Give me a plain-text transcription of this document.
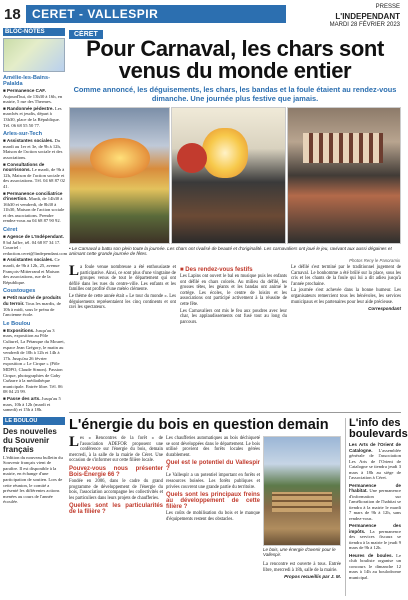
18 CERET - VALLESPIR	PRESSE
L'INDEPENDANT
MARDI 28 FÉVRIER 2023
BLOC-NOTES
Amélie-les-Bains-Palalda

■ Permanence CAF. Aujourd'hui, de 13h30 à 16h, en mairie, 5 rue des Thermes.

■ Randonnée pédestre. Les marchés et jeudis, départ à 13h30, place de la République. Tél. 06 68 55 50 77.

Arles-sur-Tech

■ Assistantes sociales. Du mardi au 1er et 3e, de 9h à 12h, Maison de l'action sociale et des associations.

■ Consultations de nourrissons. Le mardi, de 9h à 12h, Maison de l'action sociale et des associations. Tél. 04 68 87 02 41.

■ Permanence conciliatrice d'insertion. Mardi, de 14h30 à 16h30 et vendredi, de 8h30 à 11h30, Maison de l'action sociale et des associations. Prendre rendez-vous au 04 68 87 90 92.

Céret

■ Agence de L'Indépendant. 8 bd Jaffre, tél. 04 68 87 34 17. Courriel : redaction.ceret@lindependant.com

■ Assistantes sociales. Ce mardi, de 9h à 12h, 25, avenue François-Mitterrand et Maison des associations, rue de la République.

Coustouges

■ Petit marché de produits du terroir. Tous les mardis, de 10h à midi, sous le préau de l'ancienne école.

Le Boulou

■ Expositions. Jusqu'au 3 mars, exposition au Pôle Culturel, La Pétanque du Mouret, espace Jean Grégory, le matin au vendredi de 10h à 12h et 14h à 17h. Jusqu'au 26 février exposition « Le Cirque » (Pôle MDPO, Claude Simon). Passion Cirque, photographies de Gaby Cuñarre à la médiathèque municipale. Entrée libre. Tél. 06 08 04 23 99.

■ Passe des arts. Jusqu'au 5 mars, 10h à 12h (mardi et samedi) et 15h à 18h.

LE BOULOU
Des nouvelles du Souvenir français

L'édition du nouveau bulletin du Souvenir français vient de paraître. Il est disponible à la mairie, en échange d'une participation de soutien. Lors de cette réunion, le comité a présenté les différentes actions menées au cours de l'année écoulée.

CÉRET
Pour Carnaval, les chars sont venus du monde entier
Comme annoncé, les déguisements, les chars, les bandas et la foule étaient au rendez-vous dimanche. Une journée plus festive que jamais.
• Le Carnaval a battu son plein toute la journée. Les chars ont rivalisé de beauté et d'originalité. Les carnavaliers ont joué le jeu, ravivant aux aussi dégaines et animant cette grande journée de fêtes.
Photos Reny le Panoramix

La foule venue nombreuse a été enthousiaste et participative. Ainsi, ce sont plus d'une vingtaine de groupes venus de tout le département qui ont défilé dans les rues du centre-ville. Les enfants et les familles ont profité d'une météo clémente.

Le thème de cette année était « Le tour du monde ». Les déguisements représentaient les cinq continents et ont ravi les spectateurs.

■ Des rendez-vous festifs

Les Lapins ont ouvert le bal en musique puis les enfants ont défilé en chars colorés. Au milieu du défilé, les grosses têtes, les géants et les bandas ont animé le cortège. Les écoles, le centre de loisirs et les associations ont participé activement à la réussite de cette fête.

Les Carnavaliers ont mis le feu aux poudres avec leur char, les applaudissements ont fusé tout au long du parcours.

Le défilé s'est terminé par le traditionnel jugement de Carnaval. Le bonhomme a été brûlé sur la place, sous les cris et les chants de la foule qui lui a dit adieu jusqu'à l'année prochaine.

La journée s'est achevée dans la bonne humeur. Les organisateurs remercient tous les bénévoles, les services municipaux et les partenaires pour leur aide précieuse.

Correspondant

L'énergie du bois en question demain

Les « Rencontres de la forêt » de l'association ADEFOR proposent une conférence sur l'énergie du bois, demain mercredi, à la salle de la mairie de Céret. Une occasion de s'informer sur cette filière locale.

Pouvez-vous nous présenter Bois-Énergie 66 ?

Fondée en 2006, dans le cadre du grand programme de développement de l'énergie du bois, l'association accompagne les collectivités et les particuliers dans leurs projets de chaufferies.

Quelles sont les particularités de la filière ?

Les chaufferies automatiques au bois déchiqueté se sont développées dans le département. Le bois utilisé provient des forêts locales gérées durablement.

Quel est le potentiel du Vallespir ?

Le Vallespir a un potentiel important en forêts et ressources boisées. Les forêts publiques et privées couvrent une grande partie du territoire.

Quels sont les principaux freins au développement de cette filière ?

Les coûts de mobilisation du bois et le manque d'équipements restent des obstacles.

Le bois, une énergie d'avenir pour le Vallespir.

La rencontre est ouverte à tous. Entrée libre, mercredi à 18h, salle de la mairie.

Propos recueillis par J. M.

L'info des boulevards

Les Arts de l'Orient de Catalogne. L'assemblée générale de l'association Les Arts de l'Orient de Catalogne se tiendra jeudi 3 mars à 18h au siège de l'association à Céret.

Permanence de l'habitat. Une permanence d'information sur l'amélioration de l'habitat se tiendra à la mairie le mardi 7 mars de 9h à 12h, sans rendez-vous.

Permanence des impôts. La permanence des services fiscaux se tiendra à la mairie le jeudi 9 mars de 9h à 12h.

Heures de boules. Le club bouliste organise un concours le dimanche 12 mars à 14h au boulodrome municipal.
